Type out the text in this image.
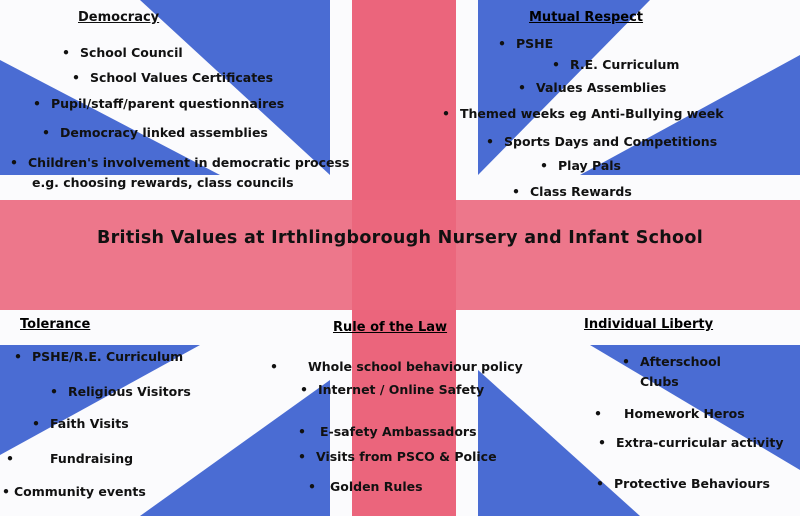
Democracy
• School Council
• School Values Certificates
• Pupil/staff/parent questionnaires
• Democracy linked assemblies
• Children's involvement in democratic process
e.g. choosing rewards, class councils
Mutual Respect
• PSHE
• R.E. Curriculum
• Values Assemblies
• Themed weeks eg Anti-Bullying week
• Sports Days and Competitions
• Play Pals
• Class Rewards
British Values at Irthlingborough Nursery and Infant School
Tolerance
• PSHE/R.E. Curriculum
• Religious Visitors
• Faith Visits
•	Fundraising
• Community events
Rule of the Law
• Whole school behaviour policy
• Internet / Online Safety
• E-safety Ambassadors
• Visits from PSCO & Police
• Golden Rules
Individual Liberty
• Afterschool
Clubs
• Homework Heros
• Extra-curricular activity
• Protective Behaviours
